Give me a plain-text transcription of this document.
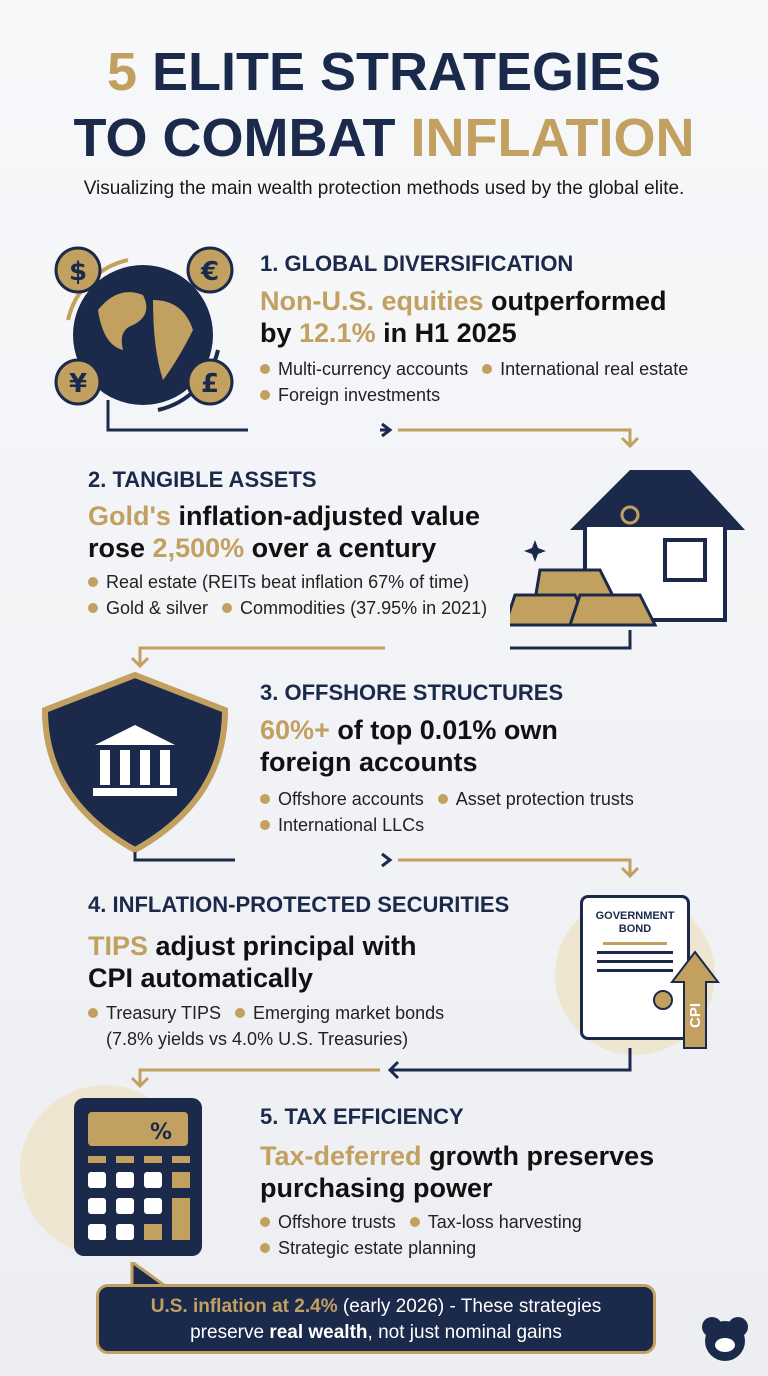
5 ELITE STRATEGIES
TO COMBAT INFLATION
Visualizing the main wealth protection methods used by the global elite.
$	€
¥	£
1. GLOBAL DIVERSIFICATION
Non-U.S. equities outperformed
by 12.1% in H1 2025
Multi-currency accounts International real estate
Foreign investments
2. TANGIBLE ASSETS
Gold's inflation-adjusted value
rose 2,500% over a century
Real estate (REITs beat inflation 67% of time)
Gold & silver Commodities (37.95% in 2021)
3. OFFSHORE STRUCTURES
60%+ of top 0.01% own
foreign accounts
Offshore accounts Asset protection trusts
International LLCs
4. INFLATION-PROTECTED SECURITIES
TIPS adjust principal with
CPI automatically
Treasury TIPS Emerging market bonds
(7.8% yields vs 4.0% U.S. Treasuries)
GOVERNMENT BOND
CPI
%
5. TAX EFFICIENCY
Tax-deferred growth preserves
purchasing power
Offshore trusts Tax-loss harvesting
Strategic estate planning
U.S. inflation at 2.4% (early 2026) - These strategies
preserve real wealth, not just nominal gains
